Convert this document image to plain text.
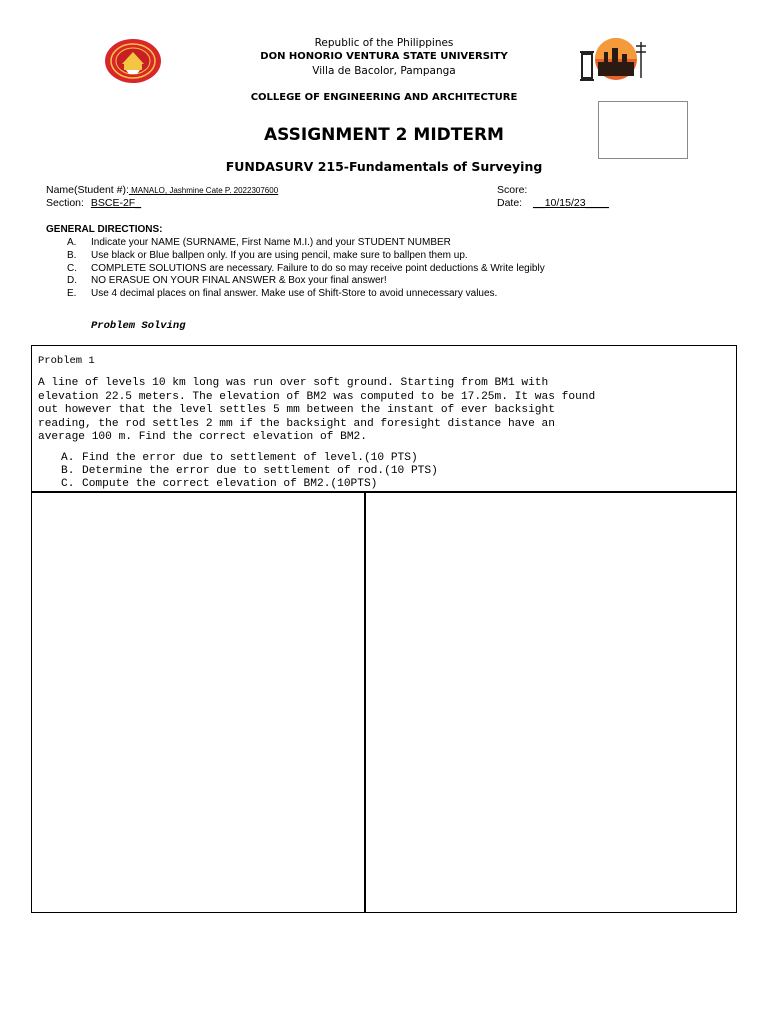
Republic of the Philippines
DON HONORIO VENTURA STATE UNIVERSITY
Villa de Bacolor, Pampanga
COLLEGE OF ENGINEERING AND ARCHITECTURE
ASSIGNMENT 2 MIDTERM
FUNDASURV 215-Fundamentals of Surveying
Name(Student #): MANALO, Jashmine Cate P. 2022307600
Section: BSCE-2F_
Score:
Date: __10/15/23____
GENERAL DIRECTIONS:
A.	Indicate your NAME (SURNAME, First Name M.I.) and your STUDENT NUMBER
B.	Use black or Blue ballpen only. If you are using pencil, make sure to ballpen them up.
C.	COMPLETE SOLUTIONS are necessary. Failure to do so may receive point deductions & Write legibly
D.	NO ERASUE ON YOUR FINAL ANSWER & Box your final answer!
E.	Use 4 decimal places on final answer. Make use of Shift-Store to avoid unnecessary values.
Problem Solving
Problem 1
A line of levels 10 km long was run over soft ground. Starting from BM1 with
elevation 22.5 meters. The elevation of BM2 was computed to be 17.25m. It was found
out however that the level settles 5 mm between the instant of ever backsight
reading, the rod settles 2 mm if the backsight and foresight distance have an
average 100 m. Find the correct elevation of BM2.
A. Find the error due to settlement of level.(10 PTS)
B. Determine the error due to settlement of rod.(10 PTS)
C. Compute the correct elevation of BM2.(10PTS)
